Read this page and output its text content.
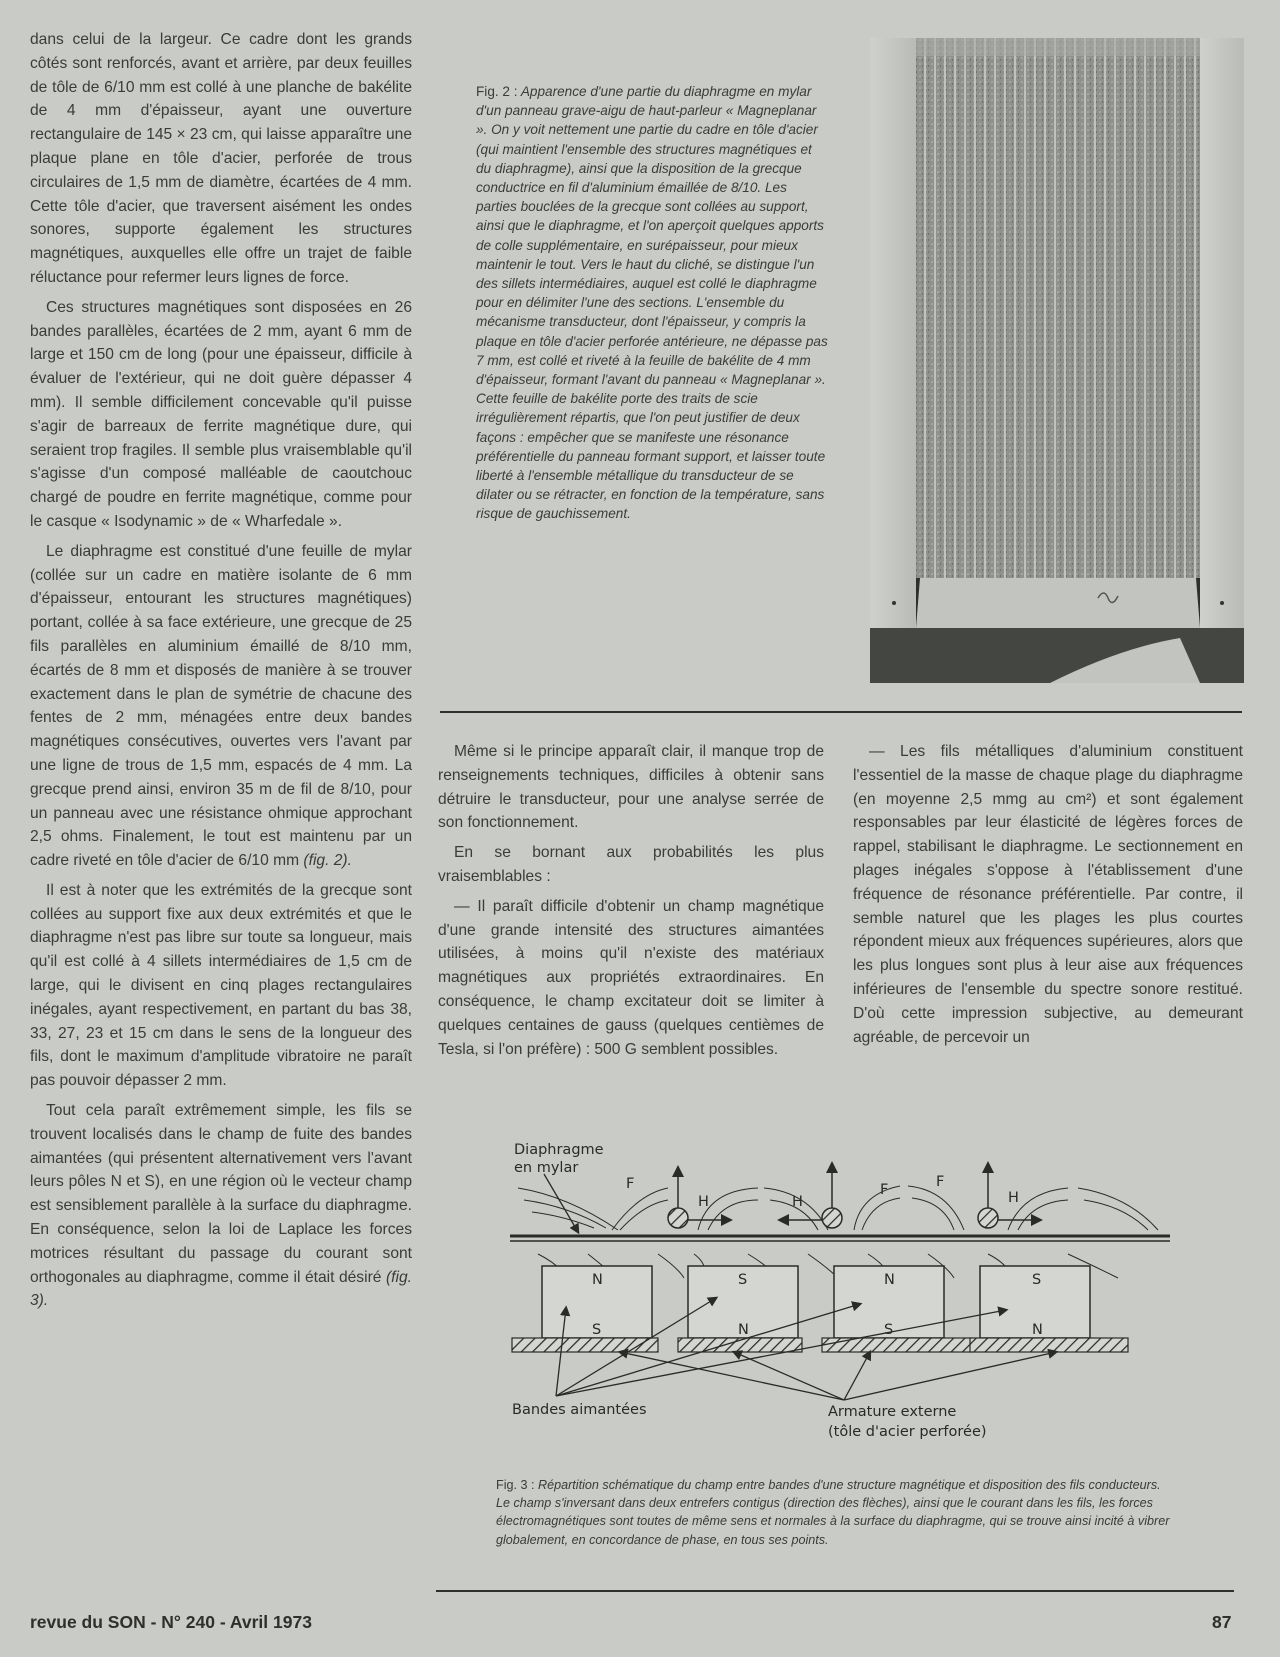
dans celui de la largeur. Ce cadre dont les grands côtés sont renforcés, avant et arrière, par deux feuilles de tôle de 6/10 mm est collé à une planche de bakélite de 4 mm d'épaisseur, ayant une ouverture rectangulaire de 145 × 23 cm, qui laisse apparaître une plaque plane en tôle d'acier, perforée de trous circulaires de 1,5 mm de diamètre, écartées de 4 mm. Cette tôle d'acier, que traversent aisément les ondes sonores, supporte également les structures magnétiques, auxquelles elle offre un trajet de faible réluctance pour refermer leurs lignes de force.

Ces structures magnétiques sont disposées en 26 bandes parallèles, écartées de 2 mm, ayant 6 mm de large et 150 cm de long (pour une épaisseur, difficile à évaluer de l'extérieur, qui ne doit guère dépasser 4 mm). Il semble difficilement concevable qu'il puisse s'agir de barreaux de ferrite magnétique dure, qui seraient trop fragiles. Il semble plus vraisemblable qu'il s'agisse d'un composé malléable de caoutchouc chargé de poudre en ferrite magnétique, comme pour le casque « Isodynamic » de « Wharfedale ».

Le diaphragme est constitué d'une feuille de mylar (collée sur un cadre en matière isolante de 6 mm d'épaisseur, entourant les structures magnétiques) portant, collée à sa face extérieure, une grecque de 25 fils parallèles en aluminium émaillé de 8/10 mm, écartés de 8 mm et disposés de manière à se trouver exactement dans le plan de symétrie de chacune des fentes de 2 mm, ménagées entre deux bandes magnétiques consécutives, ouvertes vers l'avant par une ligne de trous de 1,5 mm, espacés de 4 mm. La grecque prend ainsi, environ 35 m de fil de 8/10, pour un panneau avec une résistance ohmique approchant 2,5 ohms. Finalement, le tout est maintenu par un cadre riveté en tôle d'acier de 6/10 mm (fig. 2).

Il est à noter que les extrémités de la grecque sont collées au support fixe aux deux extrémités et que le diaphragme n'est pas libre sur toute sa longueur, mais qu'il est collé à 4 sillets intermédiaires de 1,5 cm de large, qui le divisent en cinq plages rectangulaires inégales, ayant respectivement, en partant du bas 38, 33, 27, 23 et 15 cm dans le sens de la longueur des fils, dont le maximum d'amplitude vibratoire ne paraît pas pouvoir dépasser 2 mm.

Tout cela paraît extrêmement simple, les fils se trouvent localisés dans le champ de fuite des bandes aimantées (qui présentent alternativement vers l'avant leurs pôles N et S), en une région où le vecteur champ est sensiblement parallèle à la surface du diaphragme. En conséquence, selon la loi de Laplace les forces motrices résultant du passage du courant sont orthogonales au diaphragme, comme il était désiré (fig. 3).

Fig. 2 : Apparence d'une partie du diaphragme en mylar d'un panneau grave-aigu de haut-parleur « Magneplanar ». On y voit nettement une partie du cadre en tôle d'acier (qui maintient l'ensemble des structures magnétiques et du diaphragme), ainsi que la disposition de la grecque conductrice en fil d'aluminium émaillée de 8/10. Les parties bouclées de la grecque sont collées au support, ainsi que le diaphragme, et l'on aperçoit quelques apports de colle supplémentaire, en surépaisseur, pour mieux maintenir le tout. Vers le haut du cliché, se distingue l'un des sillets intermédiaires, auquel est collé le diaphragme pour en délimiter l'une des sections. L'ensemble du mécanisme transducteur, dont l'épaisseur, y compris la plaque en tôle d'acier perforée antérieure, ne dépasse pas 7 mm, est collé et riveté à la feuille de bakélite de 4 mm d'épaisseur, formant l'avant du panneau « Magneplanar ». Cette feuille de bakélite porte des traits de scie irrégulièrement répartis, que l'on peut justifier de deux façons : empêcher que se manifeste une résonance préférentielle du panneau formant support, et laisser toute liberté à l'ensemble métallique du transducteur de se dilater ou se rétracter, en fonction de la température, sans risque de gauchissement.

Même si le principe apparaît clair, il manque trop de renseignements techniques, difficiles à obtenir sans détruire le transducteur, pour une analyse serrée de son fonctionnement.

En se bornant aux probabilités les plus vraisemblables :

— Il paraît difficile d'obtenir un champ magnétique d'une grande intensité des structures aimantées utilisées, à moins qu'il n'existe des matériaux magnétiques aux propriétés extraordinaires. En conséquence, le champ excitateur doit se limiter à quelques centaines de gauss (quelques centièmes de Tesla, si l'on préfère) : 500 G semblent possibles.

— Les fils métalliques d'aluminium constituent l'essentiel de la masse de chaque plage du diaphragme (en moyenne 2,5 mmg au cm²) et sont également responsables par leur élasticité de légères forces de rappel, stabilisant le diaphragme. Le sectionnement en plages inégales s'oppose à l'établissement d'une fréquence de résonance préférentielle. Par contre, il semble naturel que les plages les plus courtes répondent mieux aux fréquences supérieures, alors que les plus longues sont plus à leur aise aux fréquences inférieures de l'ensemble du spectre sonore restitué. D'où cette impression subjective, au demeurant agréable, de percevoir un

Diaphragme
en mylar
Bandes aimantées	Armature externe
(tôle d'acier perforée)
F
H	H
F	F
H
N
S
S
N
N
S
S
N
Fig. 3 : Répartition schématique du champ entre bandes d'une structure magnétique et disposition des fils conducteurs. Le champ s'inversant dans deux entrefers contigus (direction des flèches), ainsi que le courant dans les fils, les forces électromagnétiques sont toutes de même sens et normales à la surface du diaphragme, qui se trouve ainsi incité à vibrer globalement, en concordance de phase, en tous ses points.
revue du SON - N° 240 - Avril 1973	87
